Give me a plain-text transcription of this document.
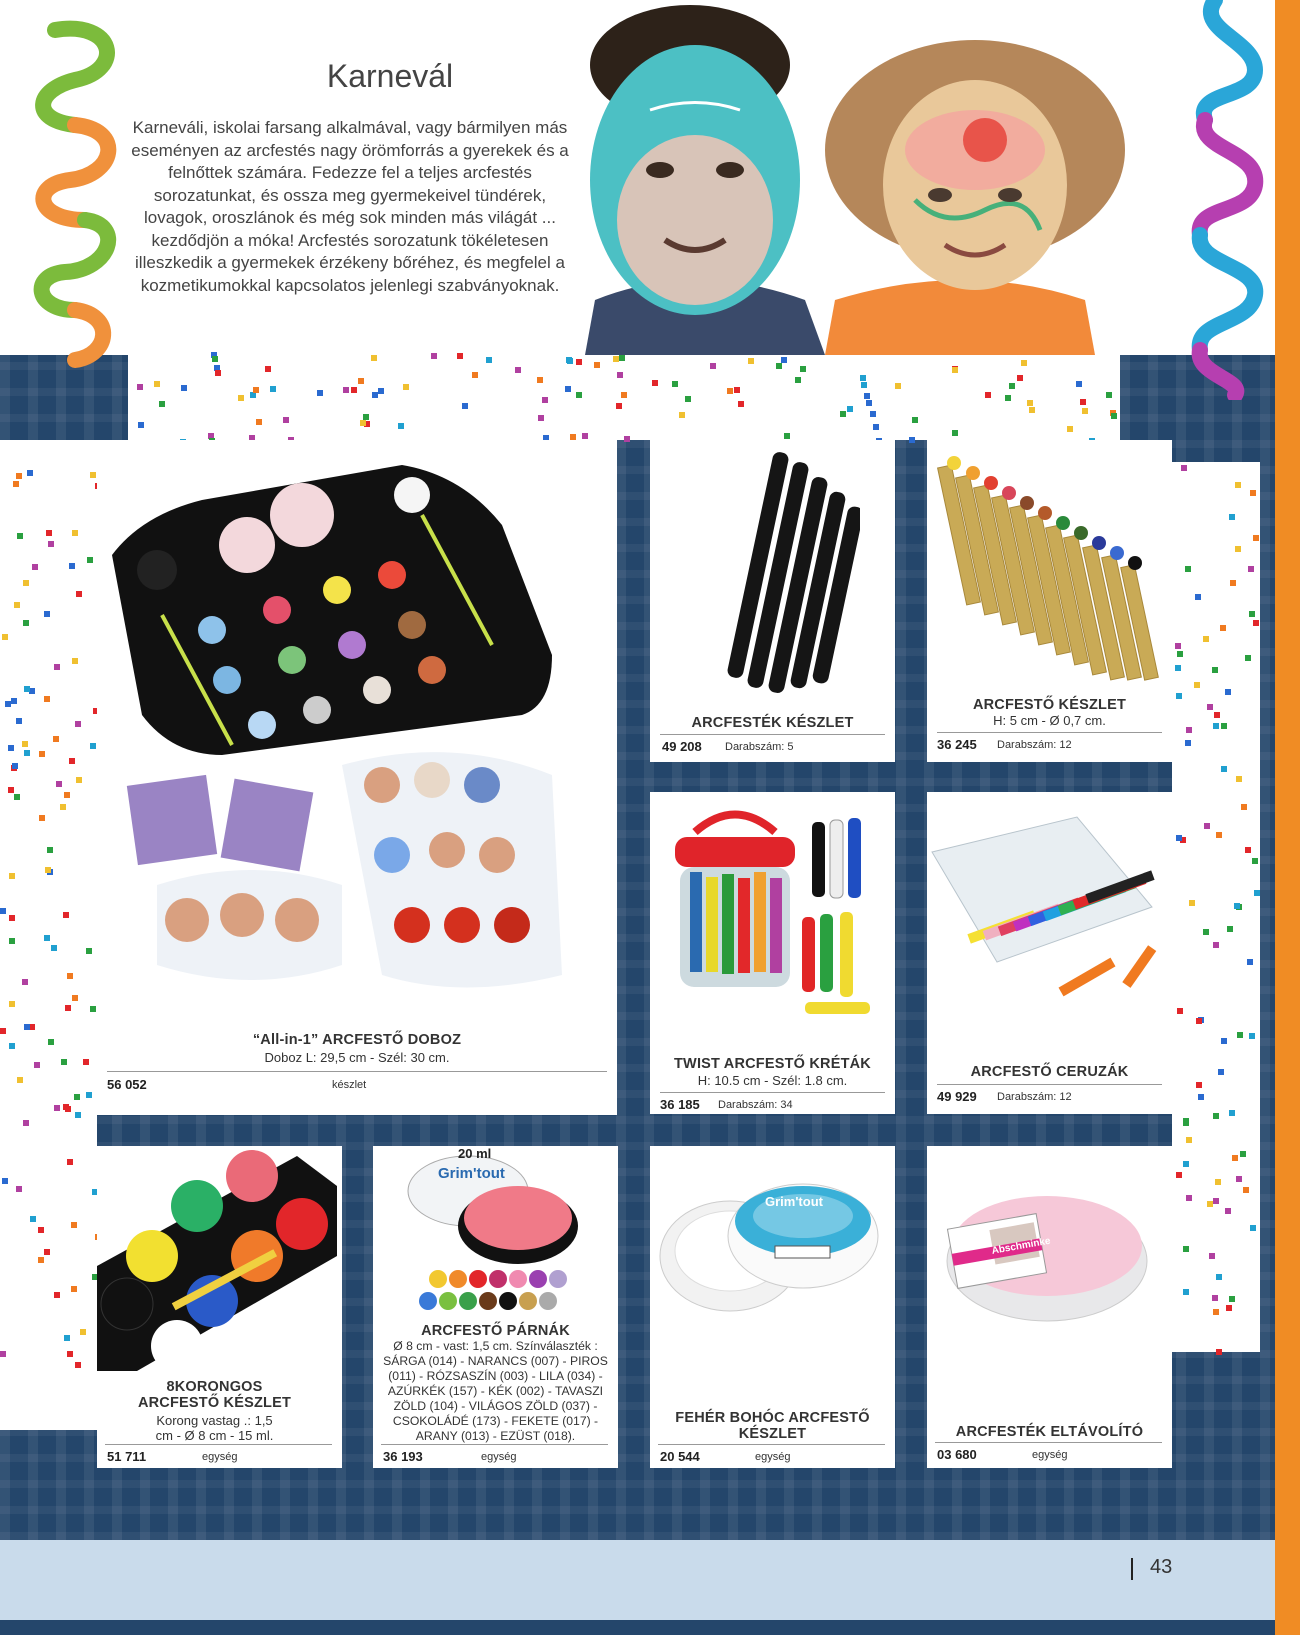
Karnevál

Karneváli, iskolai farsang alkalmával, vagy bármilyen más eseményen az arcfestés nagy örömforrás a gyerekek és a felnőttek számára. Fedezze fel a teljes arcfestés sorozatunkat, és ossza meg gyermekeivel tündérek, lovagok, oroszlánok és még sok minden más világát ... kezdődjön a móka! Arcfestés sorozatunk tökéletesen illeszkedik a gyermekek érzékeny bőréhez, és megfelel a kozmetikumokkal kapcsolatos jelenlegi szabványoknak.

“All-in-1” ARCFESTŐ DOBOZ
Doboz L: 29,5 cm - Szél: 30 cm.
56 052	készlet
ARCFESTÉK KÉSZLET
49 208 Darabszám: 5
ARCFESTŐ KÉSZLET
H: 5 cm - Ø 0,7 cm.
36 245 Darabszám: 12
TWIST ARCFESTŐ KRÉTÁK
H: 10.5 cm - Szél: 1.8 cm.
36 185 Darabszám: 34
ARCFESTŐ CERUZÁK
49 929 Darabszám: 12
8KORONGOS ARCFESTŐ KÉSZLET
Korong vastag .: 1,5 cm - Ø 8 cm - 15 ml.
51 711	egység
Grim'tout
20 ml
ARCFESTŐ PÁRNÁK
Ø 8 cm - vast: 1,5 cm. Színválaszték : SÁRGA (014) - NARANCS (007) - PIROS (011) - RÓZSASZÍN (003) - LILA (034) - AZÚRKÉK (157) - KÉK (002) - TAVASZI ZÖLD (104) - VILÁGOS ZÖLD (037) - CSOKOLÁDÉ (173) - FEKETE (017) - ARANY (013) - EZÜST (018).
36 193	egység
Grim'tout
FEHÉR BOHÓC ARCFESTŐ KÉSZLET
20 544	egység
Abschminke
ARCFESTÉK ELTÁVOLÍTÓ
03 680	egység
43
